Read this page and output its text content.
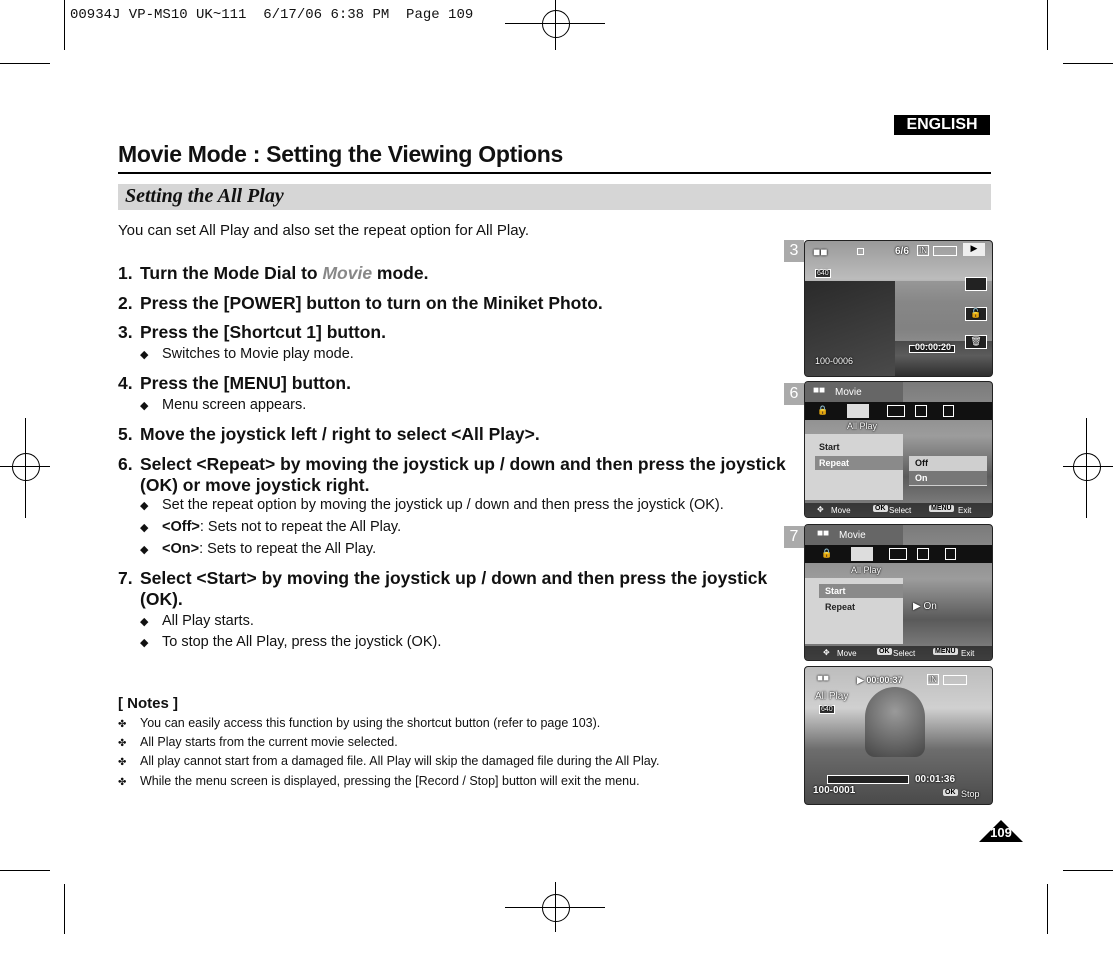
00934J VP-MS10 UK~111  6/17/06 6:38 PM  Page 109
ENGLISH
Movie Mode : Setting the Viewing Options
Setting the All Play
You can set All Play and also set the repeat option for All Play.
1. Turn the Mode Dial to Movie mode.
2. Press the [POWER] button to turn on the Miniket Photo.
3. Press the [Shortcut 1] button.
◆ Switches to Movie play mode.
4. Press the [MENU] button.
◆ Menu screen appears.
5. Move the joystick left / right to select <All Play>.
6. Select <Repeat> by moving the joystick up / down and then press the joystick
(OK) or move joystick right.
◆ Set the repeat option by moving the joystick up / down and then press the joystick (OK).
◆ <Off>: Sets not to repeat the All Play.
◆ <On>: Sets to repeat the All Play.
7. Select <Start> by moving the joystick up / down and then press the joystick
(OK).
◆ All Play starts.
◆ To stop the All Play, press the joystick (OK).
[ Notes ]
✤ You can easily access this function by using the shortcut button (refer to page 103).
✤ All Play starts from the current movie selected.
✤ All play cannot start from a damaged file. All Play will skip the damaged file during the All Play.
✤ While the menu screen is displayed, pressing the [Record / Stop] button will exit the menu.
109
3	■■	6/6 IN	▶
640
🔓
🗑
00:00:20
100-0006
6	■■ Movie
🔒
All Play
Start
Repeat	Off
On
✥ Move	OK Select	MENU Exit
7	■■ Movie
🔒
All Play
Start
Repeat	▶ On
✥ Move	OK Select	MENU Exit
■■	▶ 00:00:37	IN
All Play
640
00:01:36
100-0001	OK Stop
